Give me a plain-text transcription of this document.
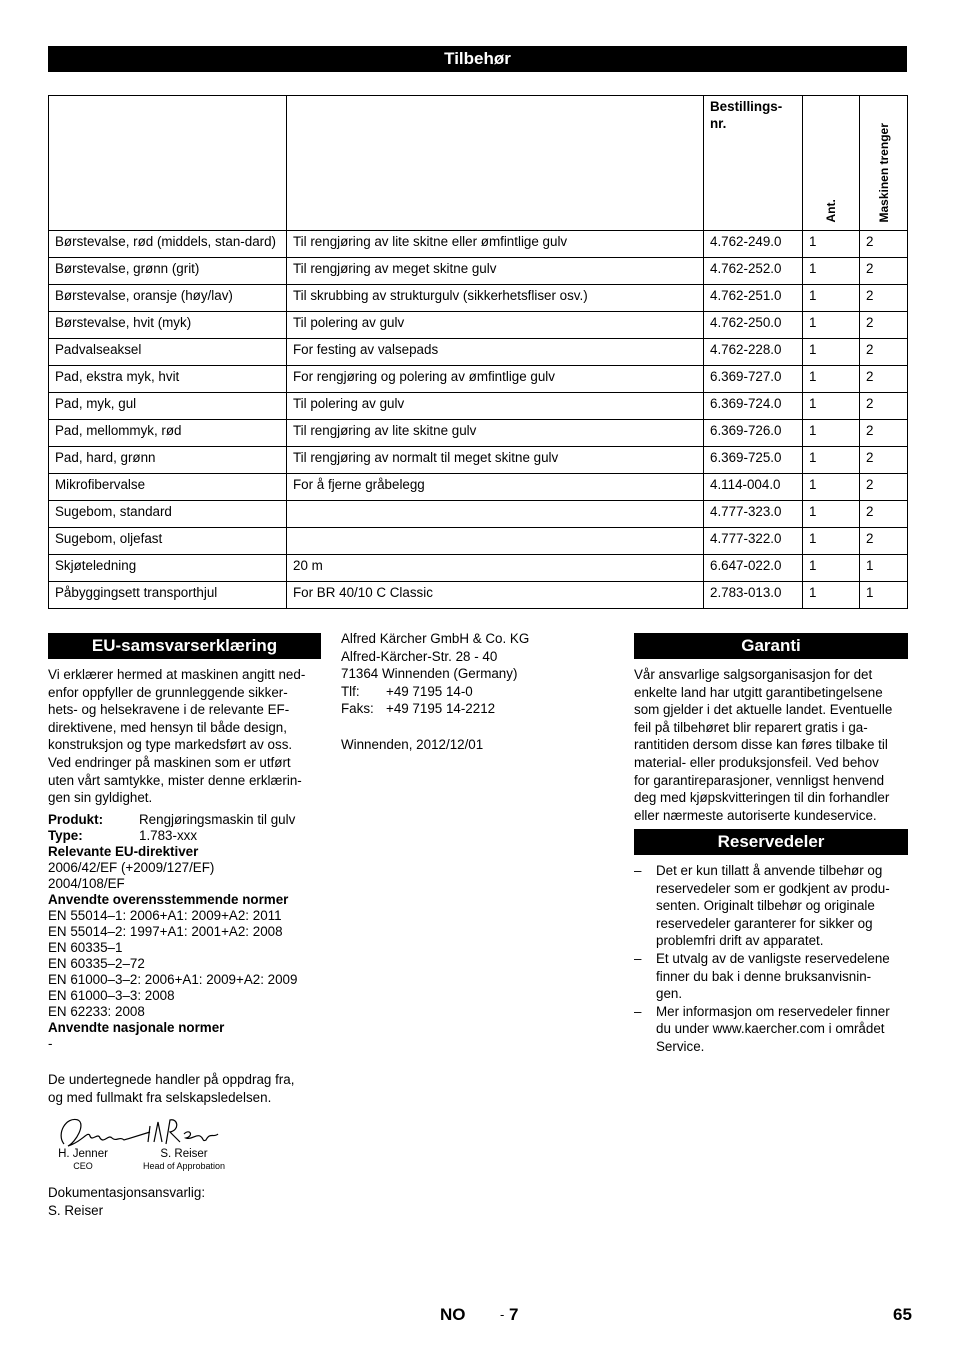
Tilbehør
		Bestillings-nr.	Ant.	Maskinen trenger

Børstevalse, rød (middels, stan-dard)	Til rengjøring av lite skitne eller ømfintlige gulv	4.762-249.0	1	2
Børstevalse, grønn (grit)	Til rengjøring av meget skitne gulv	4.762-252.0	1	2
Børstevalse, oransje (høy/lav)	Til skrubbing av strukturgulv (sikkerhetsfliser osv.)	4.762-251.0	1	2
Børstevalse, hvit (myk)	Til polering av gulv	4.762-250.0	1	2
Padvalseaksel	For festing av valsepads	4.762-228.0	1	2
Pad, ekstra myk, hvit	For rengjøring og polering av ømfintlige gulv	6.369-727.0	1	2
Pad, myk, gul	Til polering av gulv	6.369-724.0	1	2
Pad, mellommyk, rød	Til rengjøring av lite skitne gulv	6.369-726.0	1	2
Pad, hard, grønn	Til rengjøring av normalt til meget skitne gulv	6.369-725.0	1	2
Mikrofibervalse	For å fjerne gråbelegg	4.114-004.0	1	2
Sugebom, standard		4.777-323.0	1	2
Sugebom, oljefast		4.777-322.0	1	2
Skjøteledning	20 m	6.647-022.0	1	1
Påbyggingsett transporthjul	For BR 40/10 C Classic	2.783-013.0	1	1
EU-samsvarserklæring
Vi erklærer hermed at maskinen angitt ned-
enfor oppfyller de grunnleggende sikker-
hets- og helsekravene i de relevante EF-
direktivene, med hensyn til både design,
konstruksjon og type markedsført av oss.
Ved endringer på maskinen som er utført
uten vårt samtykke, mister denne erklærin-
gen sin gyldighet.
Produkt:	Rengjøringsmaskin til gulv
Type:	1.783-xxx

Relevante EU-direktiver

2006/42/EF (+2009/127/EF)
2004/108/EF

Anvendte overensstemmende normer

EN 55014–1: 2006+A1: 2009+A2: 2011
EN 55014–2: 1997+A1: 2001+A2: 2008
EN 60335–1
EN 60335–2–72
EN 61000–3–2: 2006+A1: 2009+A2: 2009
EN 61000–3–3: 2008
EN 62233: 2008

Anvendte nasjonale normer

-

De undertegnede handler på oppdrag fra,
og med fullmakt fra selskapsledelsen.
Jenner	i.V. Reiser
H. Jenner
CEO
S. Reiser
Head of Approbation

Dokumentasjonsansvarlig:

S. Reiser

Alfred Kärcher GmbH & Co. KG
Alfred-Kärcher-Str. 28 - 40
71364 Winnenden (Germany)
Tlf:	+49 7195 14-0
Faks: +49 7195 14-2212

Winnenden, 2012/12/01

Garanti
Vår ansvarlige salgsorganisasjon for det
enkelte land har utgitt garantibetingelsene
som gjelder i det aktuelle landet. Eventuelle
feil på tilbehøret blir reparert gratis i ga-
rantitiden dersom disse kan føres tilbake til
material- eller produksjonsfeil. Ved behov
for garantireparasjoner, vennligst henvend
deg med kjøpskvitteringen til din forhandler
eller nærmeste autoriserte kundeservice.
Reservedeler
–	Det er kun tillatt å anvende tilbehør og
reservedeler som er godkjent av produ-
senten. Originalt tilbehør og originale
reservedeler garanterer for sikker og
problemfri drift av apparatet.
–	Et utvalg av de vanligste reservedelene
finner du bak i denne bruksanvisnin-
gen.
–	Mer informasjon om reservedeler finner
du under www.kaercher.com i området
Service.
NO	- 7	65
